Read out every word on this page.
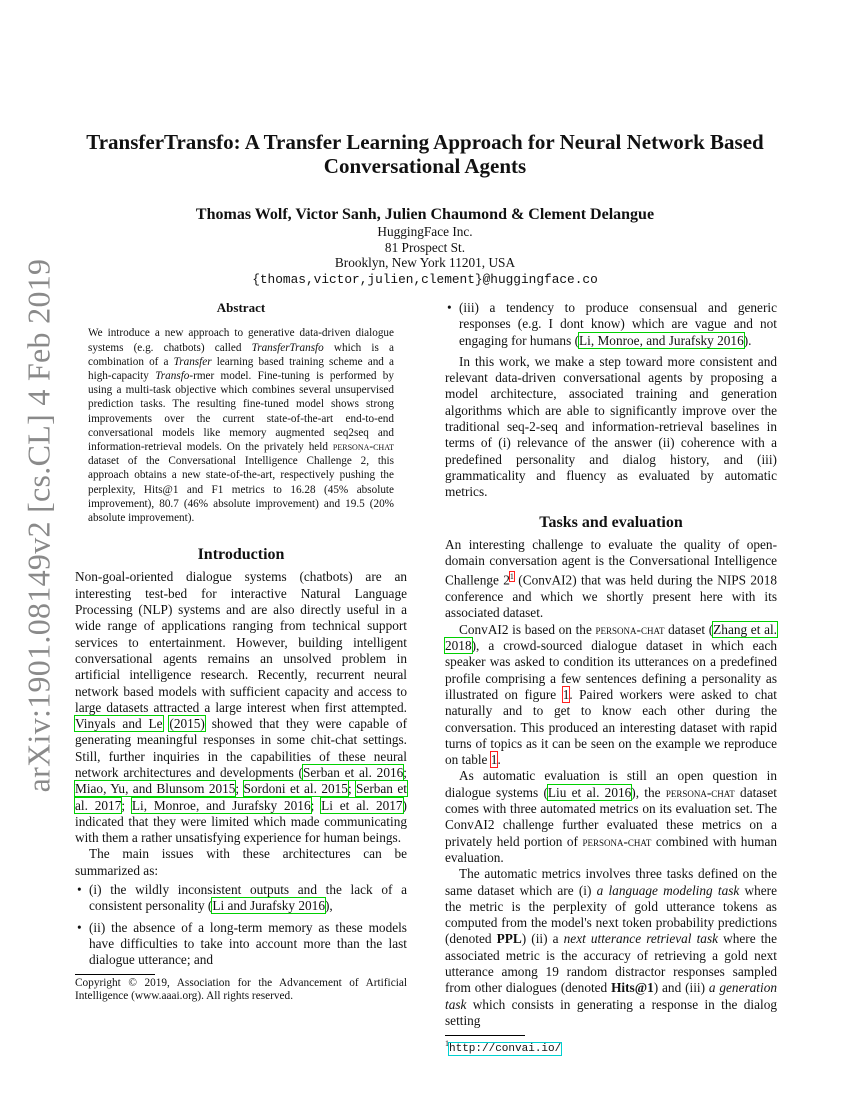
arXiv:1901.08149v2 [cs.CL] 4 Feb 2019
TransferTransfo: A Transfer Learning Approach for Neural Network Based Conversational Agents
Thomas Wolf, Victor Sanh, Julien Chaumond & Clement Delangue
HuggingFace Inc.
81 Prospect St.
Brooklyn, New York 11201, USA
{thomas,victor,julien,clement}@huggingface.co
Abstract

We introduce a new approach to generative data-driven dialogue systems (e.g. chatbots) called TransferTransfo which is a combination of a Transfer learning based training scheme and a high-capacity Transfo-rmer model. Fine-tuning is performed by using a multi-task objective which combines several unsupervised prediction tasks. The resulting fine-tuned model shows strong improvements over the current state-of-the-art end-to-end conversational models like memory augmented seq2seq and information-retrieval models. On the privately held persona-chat dataset of the Conversational Intelligence Challenge 2, this approach obtains a new state-of-the-art, respectively pushing the perplexity, Hits@1 and F1 metrics to 16.28 (45% absolute improvement), 80.7 (46% absolute improvement) and 19.5 (20% absolute improvement).

Introduction

Non-goal-oriented dialogue systems (chatbots) are an interesting test-bed for interactive Natural Language Processing (NLP) systems and are also directly useful in a wide range of applications ranging from technical support services to entertainment. However, building intelligent conversational agents remains an unsolved problem in artificial intelligence research. Recently, recurrent neural network based models with sufficient capacity and access to large datasets attracted a large interest when first attempted. Vinyals and Le (2015) showed that they were capable of generating meaningful responses in some chit-chat settings. Still, further inquiries in the capabilities of these neural network architectures and developments (Serban et al. 2016; Miao, Yu, and Blunsom 2015; Sordoni et al. 2015; Serban et al. 2017; Li, Monroe, and Jurafsky 2016; Li et al. 2017) indicated that they were limited which made communicating with them a rather unsatisfying experience for human beings.

The main issues with these architectures can be summarized as:

• (i) the wildly inconsistent outputs and the lack of a consistent personality (Li and Jurafsky 2016),
• (ii) the absence of a long-term memory as these models have difficulties to take into account more than the last dialogue utterance; and

Copyright © 2019, Association for the Advancement of Artificial Intelligence (www.aaai.org). All rights reserved.

• (iii) a tendency to produce consensual and generic responses (e.g. I dont know) which are vague and not engaging for humans (Li, Monroe, and Jurafsky 2016).

In this work, we make a step toward more consistent and relevant data-driven conversational agents by proposing a model architecture, associated training and generation algorithms which are able to significantly improve over the traditional seq-2-seq and information-retrieval baselines in terms of (i) relevance of the answer (ii) coherence with a predefined personality and dialog history, and (iii) grammaticality and fluency as evaluated by automatic metrics.

Tasks and evaluation

An interesting challenge to evaluate the quality of open-domain conversation agent is the Conversational Intelligence Challenge $2^1$ (ConvAI2) that was held during the NIPS 2018 conference and which we shortly present here with its associated dataset.

ConvAI2 is based on the persona-chat dataset (Zhang et al. 2018), a crowd-sourced dialogue dataset in which each speaker was asked to condition its utterances on a predefined profile comprising a few sentences defining a personality as illustrated on figure 1. Paired workers were asked to chat naturally and to get to know each other during the conversation. This produced an interesting dataset with rapid turns of topics as it can be seen on the example we reproduce on table 1.

As automatic evaluation is still an open question in dialogue systems (Liu et al. 2016), the persona-chat dataset comes with three automated metrics on its evaluation set. The ConvAI2 challenge further evaluated these metrics on a privately held portion of persona-chat combined with human evaluation.

The automatic metrics involves three tasks defined on the same dataset which are (i) a language modeling task where the metric is the perplexity of gold utterance tokens as computed from the model's next token probability predictions (denoted PPL) (ii) a next utterance retrieval task where the associated metric is the accuracy of retrieving a gold next utterance among 19 random distractor responses sampled from other dialogues (denoted Hits@1) and (iii) a generation task which consists in generating a response in the dialog setting

$^1$http://convai.io/
